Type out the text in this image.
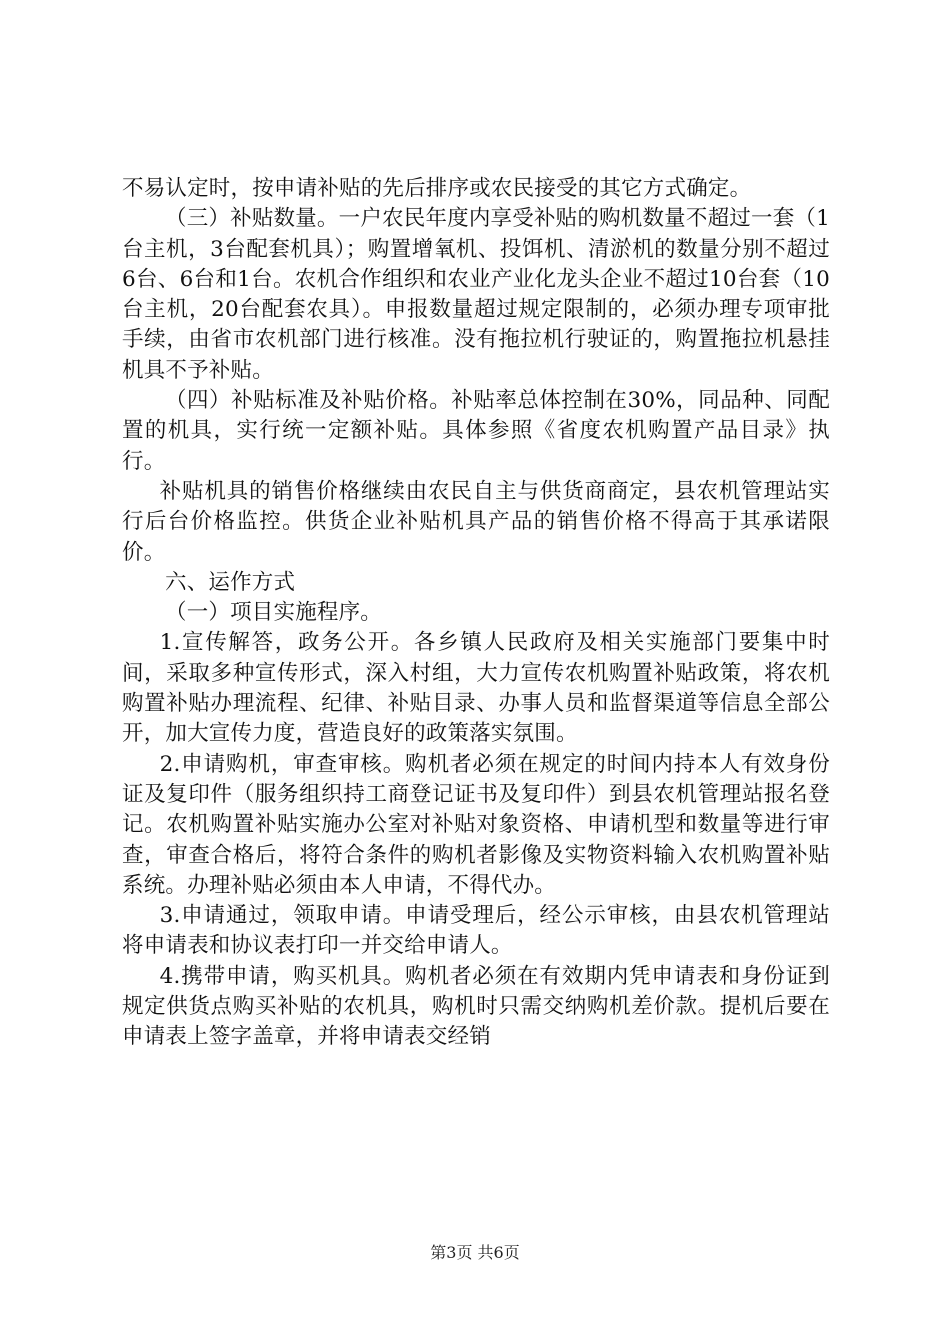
不易认定时，按申请补贴的先后排序或农民接受的其它方式确定。

（三）补贴数量。一户农民年度内享受补贴的购机数量不超过一套（1台主机，3台配套机具）；购置增氧机、投饵机、清淤机的数量分别不超过6台、6台和1台。农机合作组织和农业产业化龙头企业不超过10台套（10台主机，20台配套农具）。申报数量超过规定限制的，必须办理专项审批手续，由省市农机部门进行核准。没有拖拉机行驶证的，购置拖拉机悬挂机具不予补贴。

（四）补贴标准及补贴价格。补贴率总体控制在30%，同品种、同配置的机具，实行统一定额补贴。具体参照《省度农机购置产品目录》执行。

补贴机具的销售价格继续由农民自主与供货商商定，县农机管理站实行后台价格监控。供货企业补贴机具产品的销售价格不得高于其承诺限价。

六、运作方式

（一）项目实施程序。

1.宣传解答，政务公开。各乡镇人民政府及相关实施部门要集中时间，采取多种宣传形式，深入村组，大力宣传农机购置补贴政策，将农机购置补贴办理流程、纪律、补贴目录、办事人员和监督渠道等信息全部公开，加大宣传力度，营造良好的政策落实氛围。

2.申请购机，审查审核。购机者必须在规定的时间内持本人有效身份证及复印件（服务组织持工商登记证书及复印件）到县农机管理站报名登记。农机购置补贴实施办公室对补贴对象资格、申请机型和数量等进行审查，审查合格后，将符合条件的购机者影像及实物资料输入农机购置补贴系统。办理补贴必须由本人申请，不得代办。

3.申请通过，领取申请。申请受理后，经公示审核，由县农机管理站将申请表和协议表打印一并交给申请人。

4.携带申请，购买机具。购机者必须在有效期内凭申请表和身份证到规定供货点购买补贴的农机具，购机时只需交纳购机差价款。提机后要在申请表上签字盖章，并将申请表交经销

第3页 共6页
